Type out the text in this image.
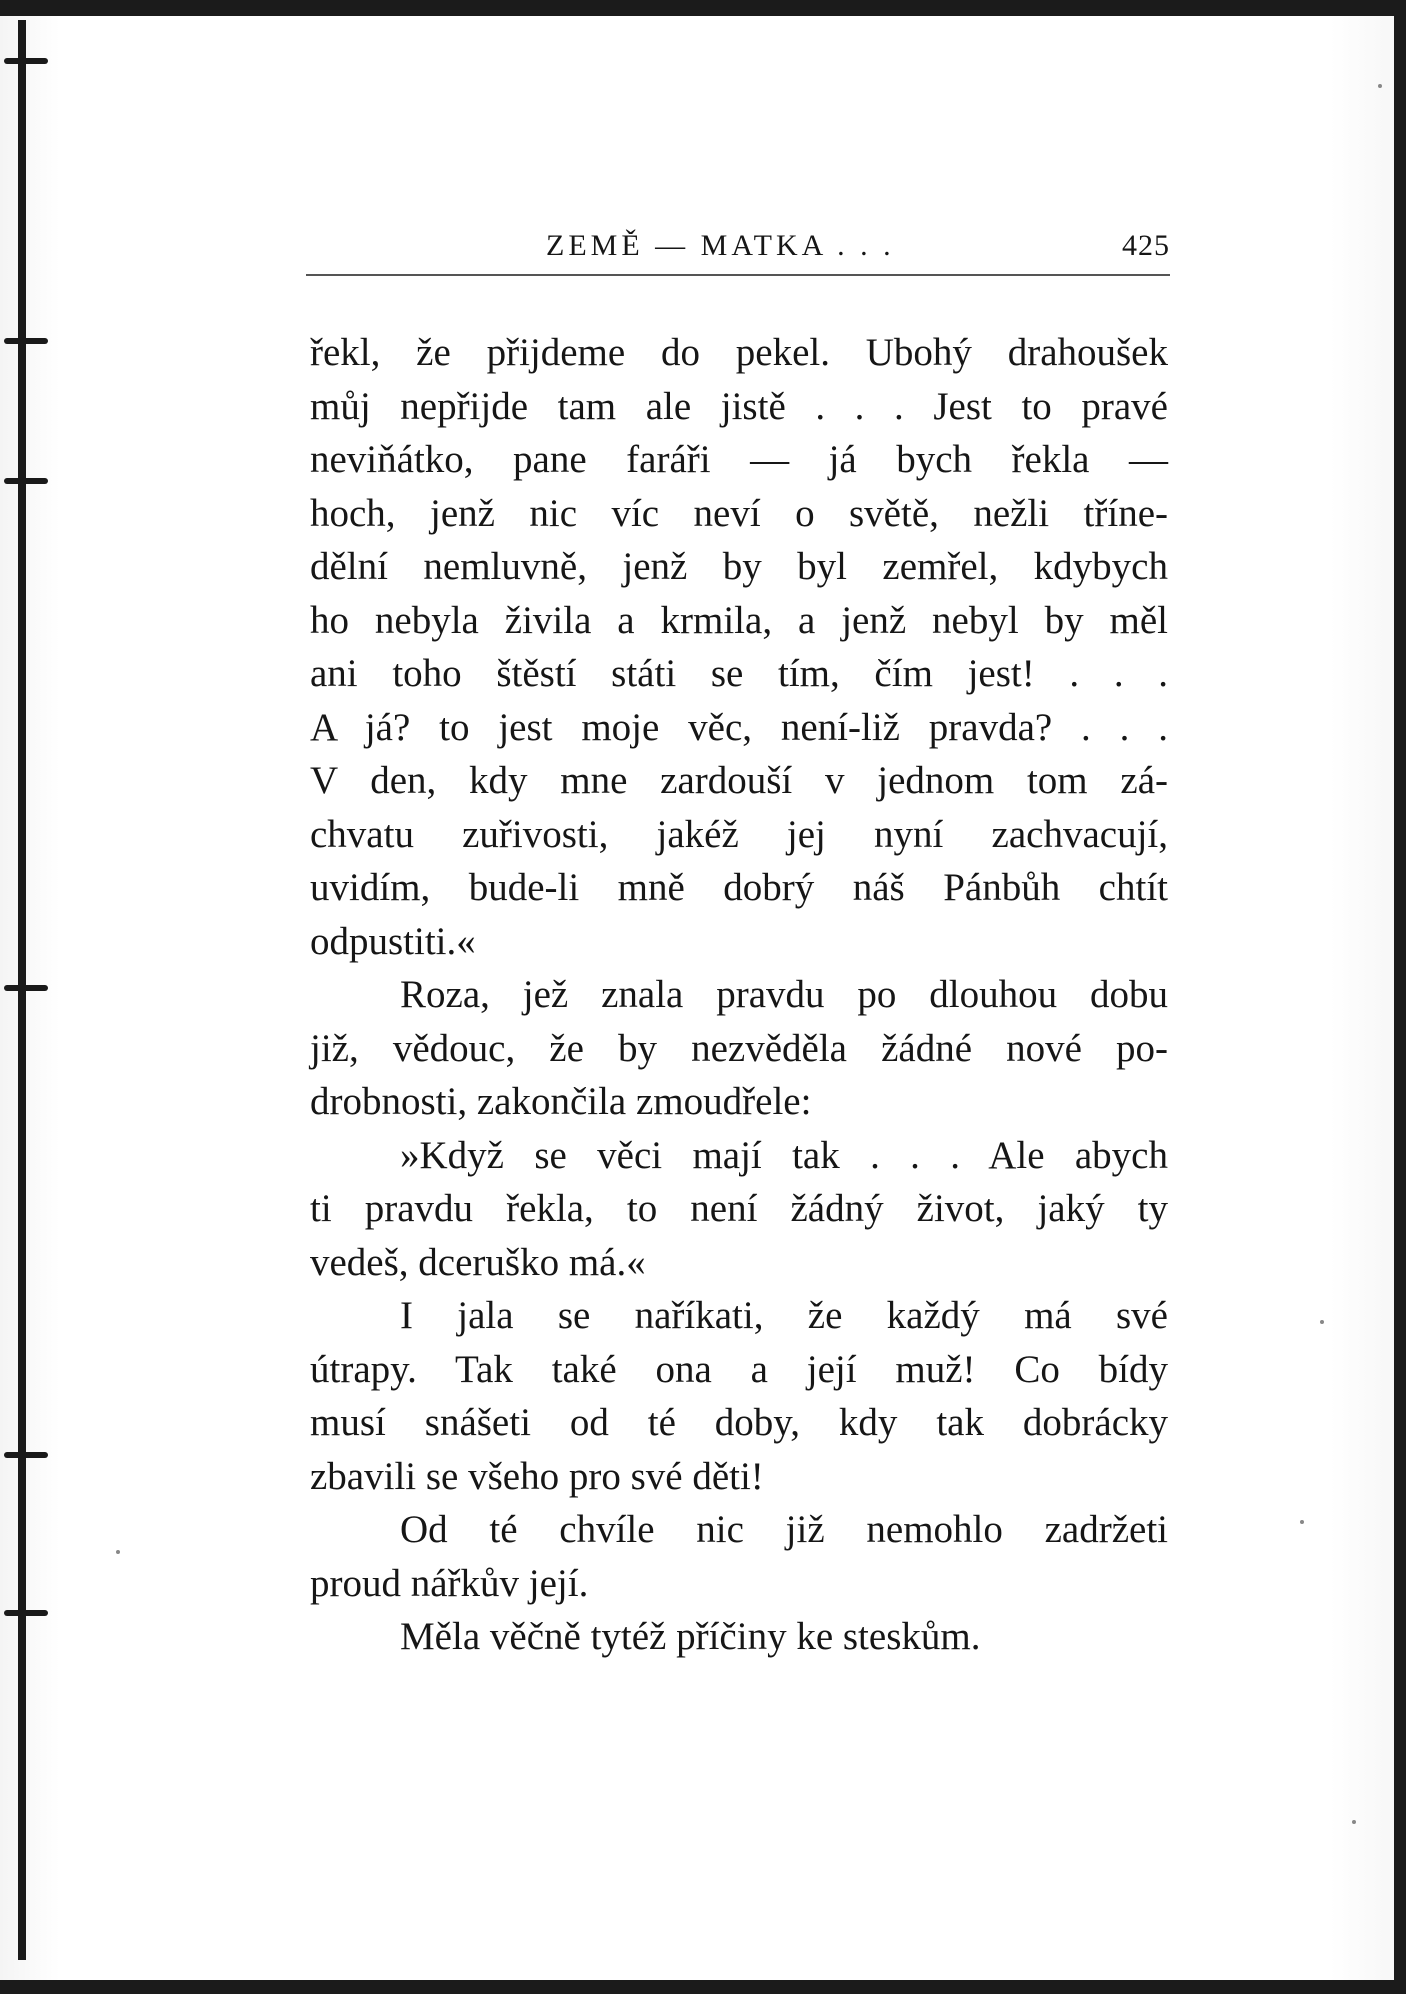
ZEMĚ — MATKA . . .	425

řekl, že přijdeme do pekel. Ubohý drahoušek
můj nepřijde tam ale jistě . . . Jest to pravé
neviňátko, pane faráři — já bych řekla —
hoch, jenž nic víc neví o světě, nežli tříne-
dělní nemluvně, jenž by byl zemřel, kdybych
ho nebyla živila a krmila, a jenž nebyl by měl
ani toho štěstí státi se tím, čím jest! . . .
A já? to jest moje věc, není-liž pravda? . . .
V den, kdy mne zardouší v jednom tom zá-
chvatu zuřivosti, jakéž jej nyní zachvacují,
uvidím, bude-li mně dobrý náš Pánbůh chtít
odpustiti.«

Roza, jež znala pravdu po dlouhou dobu
již, vědouc, že by nezvěděla žádné nové po-
drobnosti, zakončila zmoudřele:

»Když se věci mají tak . . . Ale abych
ti pravdu řekla, to není žádný život, jaký ty
vedeš, dceruško má.«

I jala se naříkati, že každý má své
útrapy. Tak také ona a její muž! Co bídy
musí snášeti od té doby, kdy tak dobrácky
zbavili se všeho pro své děti!

Od té chvíle nic již nemohlo zadržeti
proud nářkův její.

Měla věčně tytéž příčiny ke steskům.
